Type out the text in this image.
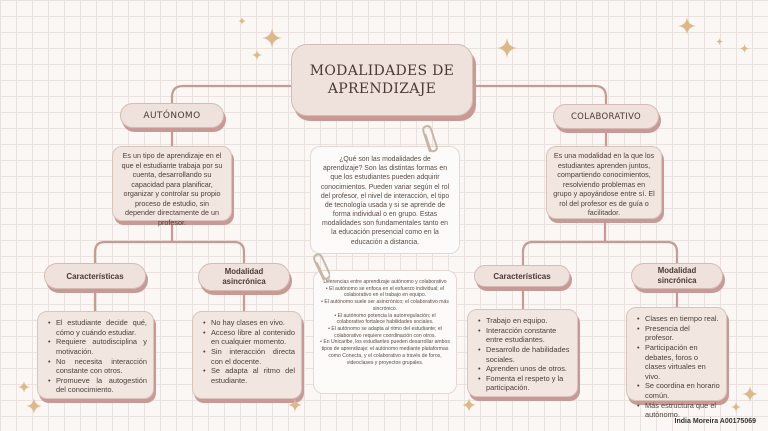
MODALIDADES DE APRENDIZAJE
AUTÓNOMO
Es un tipo de aprendizaje en el que el estudiante trabaja por su cuenta, desarrollando su capacidad para planificar, organizar y controlar su propio proceso de estudio, sin depender directamente de un profesor.
Características	Modalidad asincrónica
• El estudiante decide qué, cómo y cuándo estudiar.
• Requiere autodisciplina y motivación.
• No necesita interacción constante con otros.
• Promueve la autogestión del conocimiento.
• No hay clases en vivo.
• Acceso libre al contenido en cualquier momento.
• Sin interacción directa con el docente.
• Se adapta al ritmo del estudiante.
COLABORATIVO
Es una modalidad en la que los estudiantes aprenden juntos, compartiendo conocimientos, resolviendo problemas en grupo y apoyándose entre sí. El rol del profesor es de guía o facilitador.
Características
Modalidad sincrónica
• Trabajo en equipo.
• Interacción constante entre estudiantes.
• Desarrollo de habilidades sociales.
• Aprenden unos de otros.
• Fomenta el respeto y la participación.
• Clases en tiempo real.
• Presencia del profesor.
• Participación en debates, foros o clases virtuales en vivo.
• Se coordina en horario común.
• Más estructura que el autónomo.
¿Qué son las modalidades de aprendizaje? Son las distintas formas en que los estudiantes pueden adquirir conocimientos. Pueden variar según el rol del profesor, el nivel de interacción, el tipo de tecnología usada y si se aprende de forma individual o en grupo. Estas modalidades son fundamentales tanto en la educación presencial como en la educación a distancia.
Diferencias entre aprendizaje autónomo y colaborativo
• El autónomo se enfoca en el esfuerzo individual; el colaborativo en el trabajo en equipo.
• El autónomo suele ser asincrónico; el colaborativo más sincrónico.
• El autónomo potencia la autorregulación; el colaborativo fortalece habilidades sociales.
• El autónomo se adapta al ritmo del estudiante; el colaborativo requiere coordinación con otros.
• En Unicaribe, los estudiantes pueden desarrollar ambos tipos de aprendizaje: el autónomo mediante plataformas como Conecta, y el colaborativo a través de foros, videoclases y proyectos grupales.
India Moreira A00175069
